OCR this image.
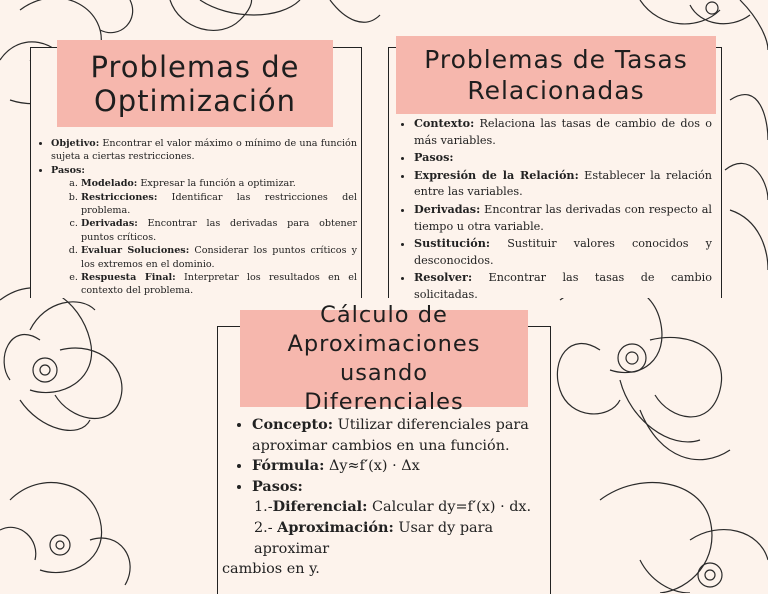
Problemas de
Optimización
• Objetivo: Encontrar el valor máximo o mínimo de una función sujeta a ciertas restricciones.
• Pasos:
a. Modelado: Expresar la función a optimizar.
b. Restricciones: Identificar las restricciones del problema.
c. Derivadas: Encontrar las derivadas para obtener puntos críticos.
d. Evaluar Soluciones: Considerar los puntos críticos y los extremos en el dominio.
e. Respuesta Final: Interpretar los resultados en el contexto del problema.
Problemas de Tasas
Relacionadas
• Contexto: Relaciona las tasas de cambio de dos o más variables.
• Pasos:
• Expresión de la Relación: Establecer la relación entre las variables.
• Derivadas: Encontrar las derivadas con respecto al tiempo u otra variable.
• Sustitución: Sustituir valores conocidos y desconocidos.
• Resolver: Encontrar las tasas de cambio solicitadas.
Cálculo de
Aproximaciones usando
Diferenciales
• Concepto: Utilizar diferenciales para aproximar cambios en una función.
• Fórmula: Δy≈f′(x) · Δx
• Pasos:
1.-Diferencial: Calcular dy=f′(x) · dx.
2.- Aproximación: Usar dy para aproximar
cambios en y.
